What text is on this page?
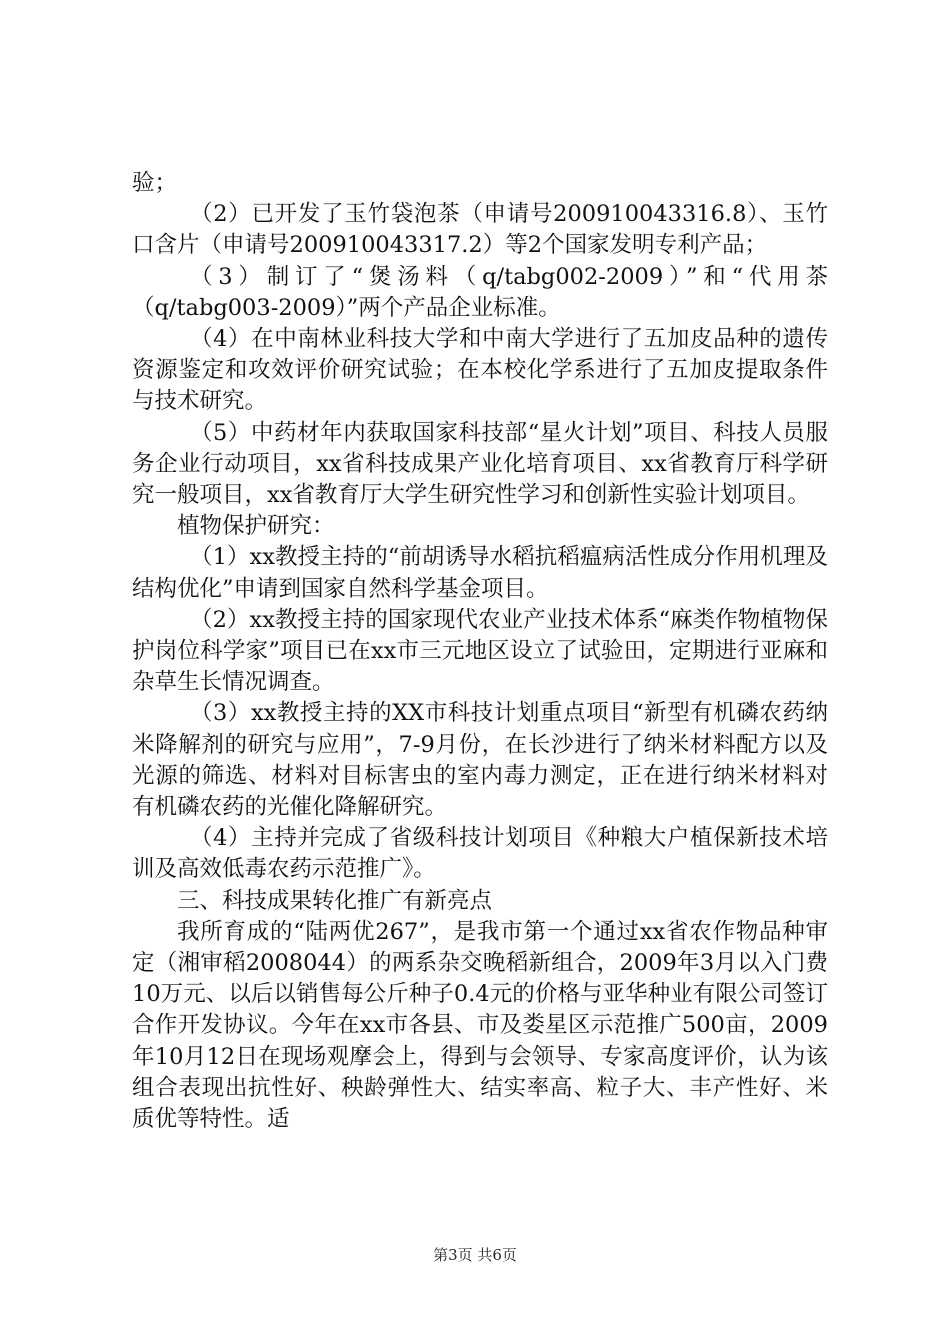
验；

（2）已开发了玉竹袋泡茶（申请号200910043316.8）、玉竹口含片（申请号200910043317.2）等2个国家发明专利产品；

（3）制订了“煲汤料（q/tabg002-2009）”和“代用茶（q/tabg003-2009）”两个产品企业标准。

（4）在中南林业科技大学和中南大学进行了五加皮品种的遗传资源鉴定和攻效评价研究试验；在本校化学系进行了五加皮提取条件与技术研究。

（5）中药材年内获取国家科技部“星火计划”项目、科技人员服务企业行动项目，xx省科技成果产业化培育项目、xx省教育厅科学研究一般项目，xx省教育厅大学生研究性学习和创新性实验计划项目。

植物保护研究：

（1）xx教授主持的“前胡诱导水稻抗稻瘟病活性成分作用机理及结构优化”申请到国家自然科学基金项目。

（2）xx教授主持的国家现代农业产业技术体系“麻类作物植物保护岗位科学家”项目已在xx市三元地区设立了试验田，定期进行亚麻和杂草生长情况调查。

（3）xx教授主持的XX市科技计划重点项目“新型有机磷农药纳米降解剂的研究与应用”，7-9月份，在长沙进行了纳米材料配方以及光源的筛选、材料对目标害虫的室内毒力测定，正在进行纳米材料对有机磷农药的光催化降解研究。

（4）主持并完成了省级科技计划项目《种粮大户植保新技术培训及高效低毒农药示范推广》。

三、科技成果转化推广有新亮点

我所育成的“陆两优267”，是我市第一个通过xx省农作物品种审定（湘审稻2008044）的两系杂交晚稻新组合，2009年3月以入门费10万元、以后以销售每公斤种子0.4元的价格与亚华种业有限公司签订合作开发协议。今年在xx市各县、市及娄星区示范推广500亩，2009年10月12日在现场观摩会上，得到与会领导、专家高度评价，认为该组合表现出抗性好、秧龄弹性大、结实率高、粒子大、丰产性好、米质优等特性。适

第3页 共6页
